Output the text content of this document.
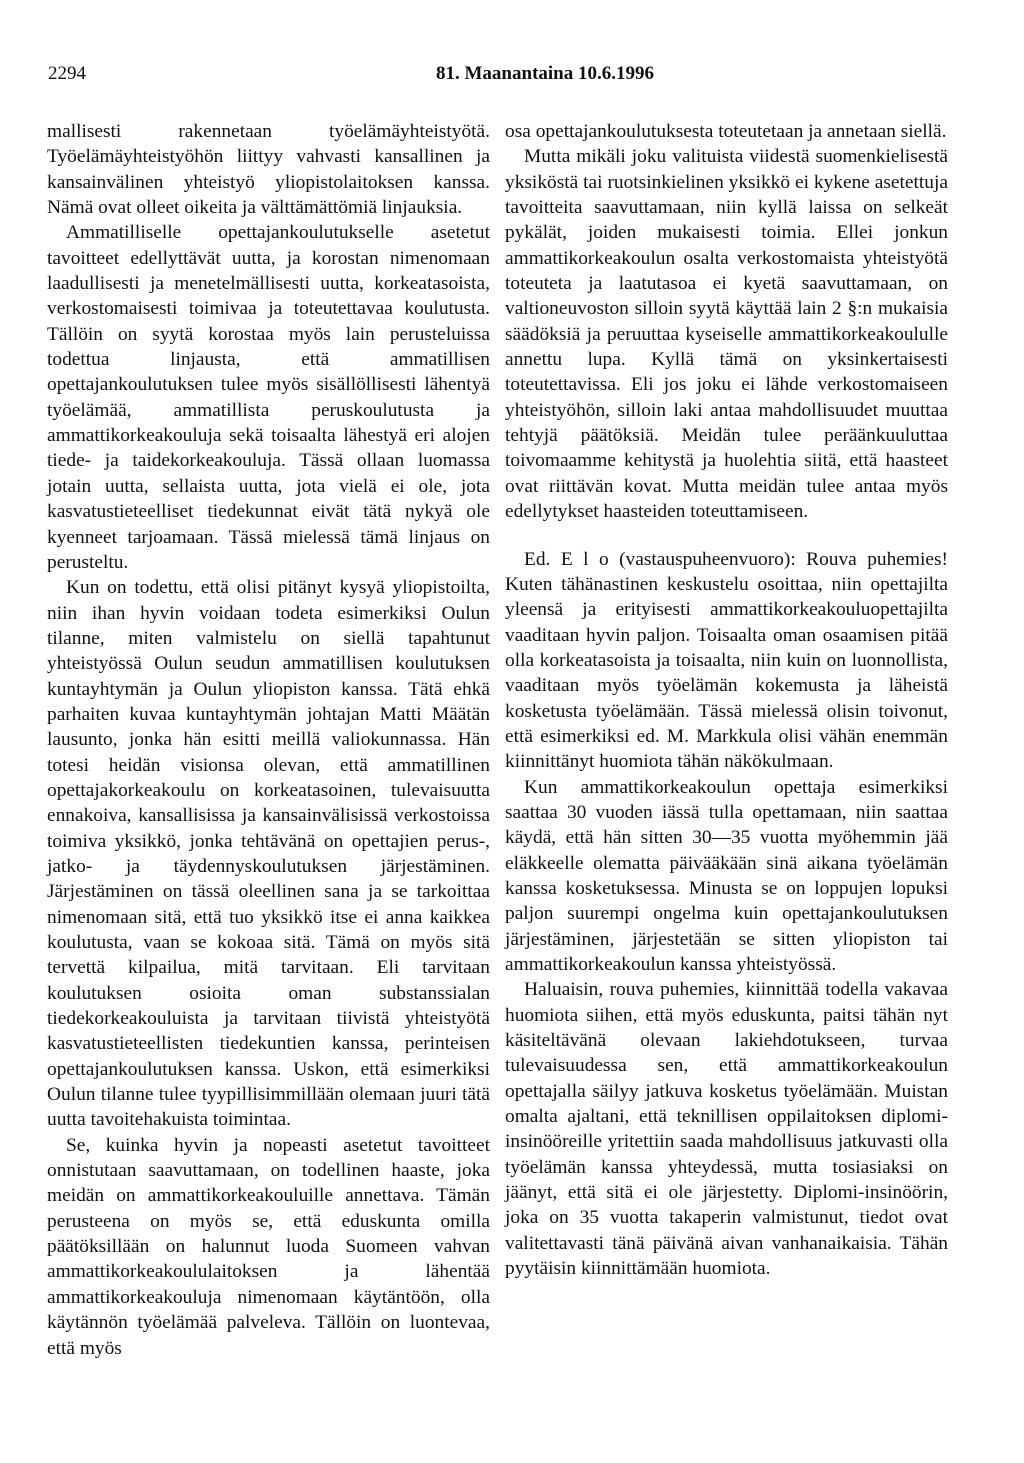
2294	81. Maanantaina 10.6.1996

mallisesti rakennetaan työelämäyhteistyötä. Työelämäyhteistyöhön liittyy vahvasti kansallinen ja kansainvälinen yhteistyö yliopistolaitoksen kanssa. Nämä ovat olleet oikeita ja välttämättömiä linjauksia.

Ammatilliselle opettajankoulutukselle asetetut tavoitteet edellyttävät uutta, ja korostan nimenomaan laadullisesti ja menetelmällisesti uutta, korkeatasoista, verkostomaisesti toimivaa ja toteutettavaa koulutusta. Tällöin on syytä korostaa myös lain perusteluissa todettua linjausta, että ammatillisen opettajankoulutuksen tulee myös sisällöllisesti lähentyä työelämää, ammatillista peruskoulutusta ja ammattikorkeakouluja sekä toisaalta lähestyä eri alojen tiede- ja taidekorkeakouluja. Tässä ollaan luomassa jotain uutta, sellaista uutta, jota vielä ei ole, jota kasvatustieteelliset tiedekunnat eivät tätä nykyä ole kyenneet tarjoamaan. Tässä mielessä tämä linjaus on perusteltu.

Kun on todettu, että olisi pitänyt kysyä yliopistoilta, niin ihan hyvin voidaan todeta esimerkiksi Oulun tilanne, miten valmistelu on siellä tapahtunut yhteistyössä Oulun seudun ammatillisen koulutuksen kuntayhtymän ja Oulun yliopiston kanssa. Tätä ehkä parhaiten kuvaa kuntayhtymän johtajan Matti Määtän lausunto, jonka hän esitti meillä valiokunnassa. Hän totesi heidän visionsa olevan, että ammatillinen opettajakorkeakoulu on korkeatasoinen, tulevaisuutta ennakoiva, kansallisissa ja kansainvälisissä verkostoissa toimiva yksikkö, jonka tehtävänä on opettajien perus-, jatko- ja täydennyskoulutuksen järjestäminen. Järjestäminen on tässä oleellinen sana ja se tarkoittaa nimenomaan sitä, että tuo yksikkö itse ei anna kaikkea koulutusta, vaan se kokoaa sitä. Tämä on myös sitä tervettä kilpailua, mitä tarvitaan. Eli tarvitaan koulutuksen osioita oman substanssialan tiedekorkeakouluista ja tarvitaan tiivistä yhteistyötä kasvatustieteellisten tiedekuntien kanssa, perinteisen opettajankoulutuksen kanssa. Uskon, että esimerkiksi Oulun tilanne tulee tyypillisimmillään olemaan juuri tätä uutta tavoitehakuista toimintaa.

Se, kuinka hyvin ja nopeasti asetetut tavoitteet onnistutaan saavuttamaan, on todellinen haaste, joka meidän on ammattikorkeakouluille annettava. Tämän perusteena on myös se, että eduskunta omilla päätöksillään on halunnut luoda Suomeen vahvan ammattikorkeakoululaitoksen ja lähentää ammattikorkeakouluja nimenomaan käytäntöön, olla käytännön työelämää palveleva. Tällöin on luontevaa, että myös

osa opettajankoulutuksesta toteutetaan ja annetaan siellä.

Mutta mikäli joku valituista viidestä suomenkielisestä yksiköstä tai ruotsinkielinen yksikkö ei kykene asetettuja tavoitteita saavuttamaan, niin kyllä laissa on selkeät pykälät, joiden mukaisesti toimia. Ellei jonkun ammattikorkeakoulun osalta verkostomaista yhteistyötä toteuteta ja laatutasoa ei kyetä saavuttamaan, on valtioneuvoston silloin syytä käyttää lain 2 §:n mukaisia säädöksiä ja peruuttaa kyseiselle ammattikorkeakoululle annettu lupa. Kyllä tämä on yksinkertaisesti toteutettavissa. Eli jos joku ei lähde verkostomaiseen yhteistyöhön, silloin laki antaa mahdollisuudet muuttaa tehtyjä päätöksiä. Meidän tulee peräänkuuluttaa toivomaamme kehitystä ja huolehtia siitä, että haasteet ovat riittävän kovat. Mutta meidän tulee antaa myös edellytykset haasteiden toteuttamiseen.

Ed. E l o (vastauspuheenvuoro): Rouva puhemies! Kuten tähänastinen keskustelu osoittaa, niin opettajilta yleensä ja erityisesti ammattikorkeakouluopettajilta vaaditaan hyvin paljon. Toisaalta oman osaamisen pitää olla korkeatasoista ja toisaalta, niin kuin on luonnollista, vaaditaan myös työelämän kokemusta ja läheistä kosketusta työelämään. Tässä mielessä olisin toivonut, että esimerkiksi ed. M. Markkula olisi vähän enemmän kiinnittänyt huomiota tähän näkökulmaan.

Kun ammattikorkeakoulun opettaja esimerkiksi saattaa 30 vuoden iässä tulla opettamaan, niin saattaa käydä, että hän sitten 30—35 vuotta myöhemmin jää eläkkeelle olematta päivääkään sinä aikana työelämän kanssa kosketuksessa. Minusta se on loppujen lopuksi paljon suurempi ongelma kuin opettajankoulutuksen järjestäminen, järjestetään se sitten yliopiston tai ammattikorkeakoulun kanssa yhteistyössä.

Haluaisin, rouva puhemies, kiinnittää todella vakavaa huomiota siihen, että myös eduskunta, paitsi tähän nyt käsiteltävänä olevaan lakiehdotukseen, turvaa tulevaisuudessa sen, että ammattikorkeakoulun opettajalla säilyy jatkuva kosketus työelämään. Muistan omalta ajaltani, että teknillisen oppilaitoksen diplomi-insinööreille yritettiin saada mahdollisuus jatkuvasti olla työelämän kanssa yhteydessä, mutta tosiasiaksi on jäänyt, että sitä ei ole järjestetty. Diplomi-insinöörin, joka on 35 vuotta takaperin valmistunut, tiedot ovat valitettavasti tänä päivänä aivan vanhanaikaisia. Tähän pyytäisin kiinnittämään huomiota.
